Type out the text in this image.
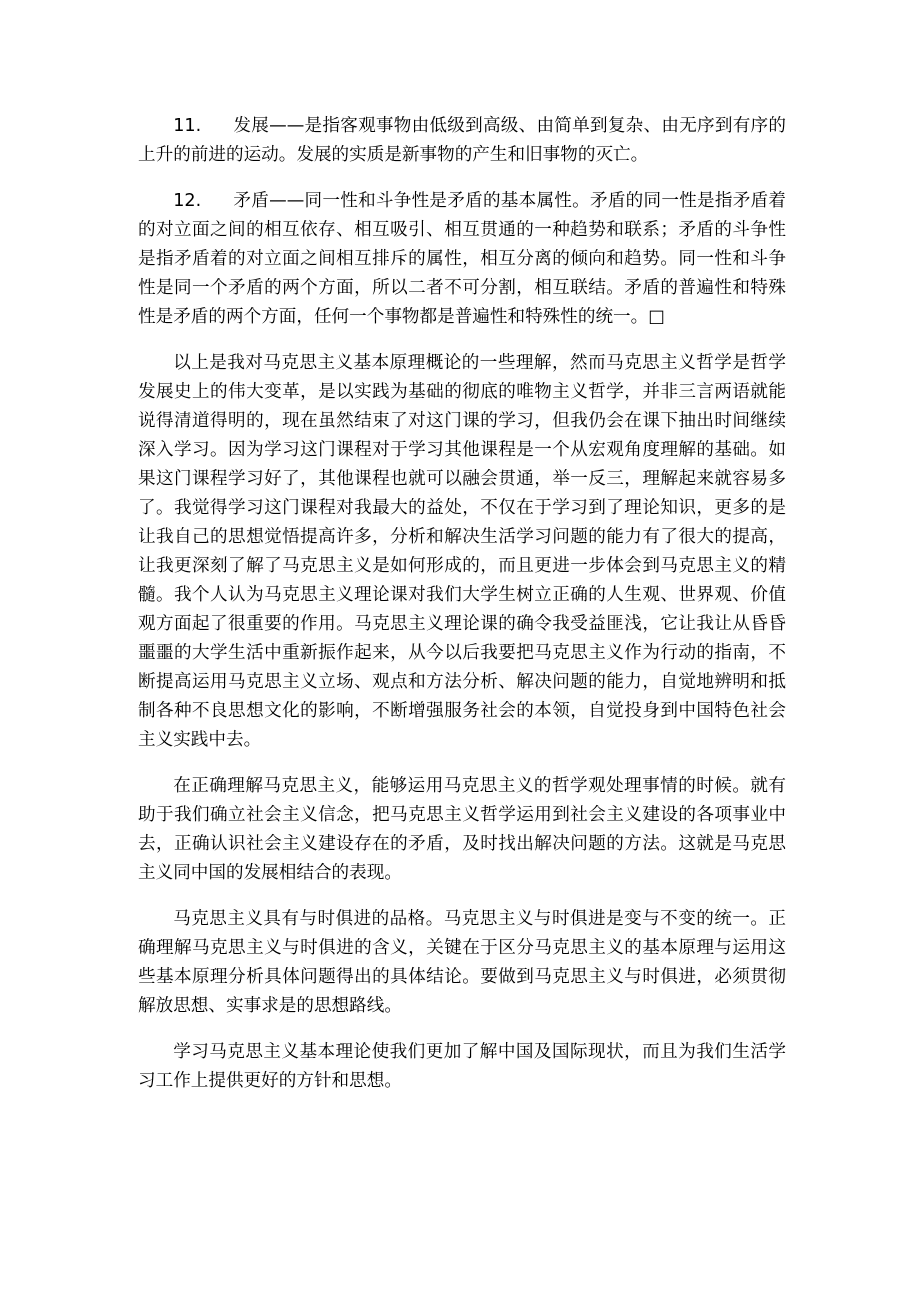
11. 发展——是指客观事物由低级到高级、由简单到复杂、由无序到有序的上升的前进的运动。发展的实质是新事物的产生和旧事物的灭亡。

12. 矛盾——同一性和斗争性是矛盾的基本属性。矛盾的同一性是指矛盾着的对立面之间的相互依存、相互吸引、相互贯通的一种趋势和联系；矛盾的斗争性是指矛盾着的对立面之间相互排斥的属性，相互分离的倾向和趋势。同一性和斗争性是同一个矛盾的两个方面，所以二者不可分割，相互联结。矛盾的普遍性和特殊性是矛盾的两个方面，任何一个事物都是普遍性和特殊性的统一。□

以上是我对马克思主义基本原理概论的一些理解，然而马克思主义哲学是哲学发展史上的伟大变革，是以实践为基础的彻底的唯物主义哲学，并非三言两语就能说得清道得明的，现在虽然结束了对这门课的学习，但我仍会在课下抽出时间继续深入学习。因为学习这门课程对于学习其他课程是一个从宏观角度理解的基础。如果这门课程学习好了，其他课程也就可以融会贯通，举一反三，理解起来就容易多了。我觉得学习这门课程对我最大的益处，不仅在于学习到了理论知识，更多的是让我自己的思想觉悟提高许多，分析和解决生活学习问题的能力有了很大的提高，让我更深刻了解了马克思主义是如何形成的，而且更进一步体会到马克思主义的精髓。我个人认为马克思主义理论课对我们大学生树立正确的人生观、世界观、价值观方面起了很重要的作用。马克思主义理论课的确令我受益匪浅，它让我让从昏昏噩噩的大学生活中重新振作起来，从今以后我要把马克思主义作为行动的指南，不断提高运用马克思主义立场、观点和方法分析、解决问题的能力，自觉地辨明和抵制各种不良思想文化的影响，不断增强服务社会的本领，自觉投身到中国特色社会主义实践中去。

在正确理解马克思主义，能够运用马克思主义的哲学观处理事情的时候。就有助于我们确立社会主义信念，把马克思主义哲学运用到社会主义建设的各项事业中去，正确认识社会主义建设存在的矛盾，及时找出解决问题的方法。这就是马克思主义同中国的发展相结合的表现。

马克思主义具有与时俱进的品格。马克思主义与时俱进是变与不变的统一。正确理解马克思主义与时俱进的含义，关键在于区分马克思主义的基本原理与运用这些基本原理分析具体问题得出的具体结论。要做到马克思主义与时俱进，必须贯彻解放思想、实事求是的思想路线。

学习马克思主义基本理论使我们更加了解中国及国际现状，而且为我们生活学习工作上提供更好的方针和思想。
